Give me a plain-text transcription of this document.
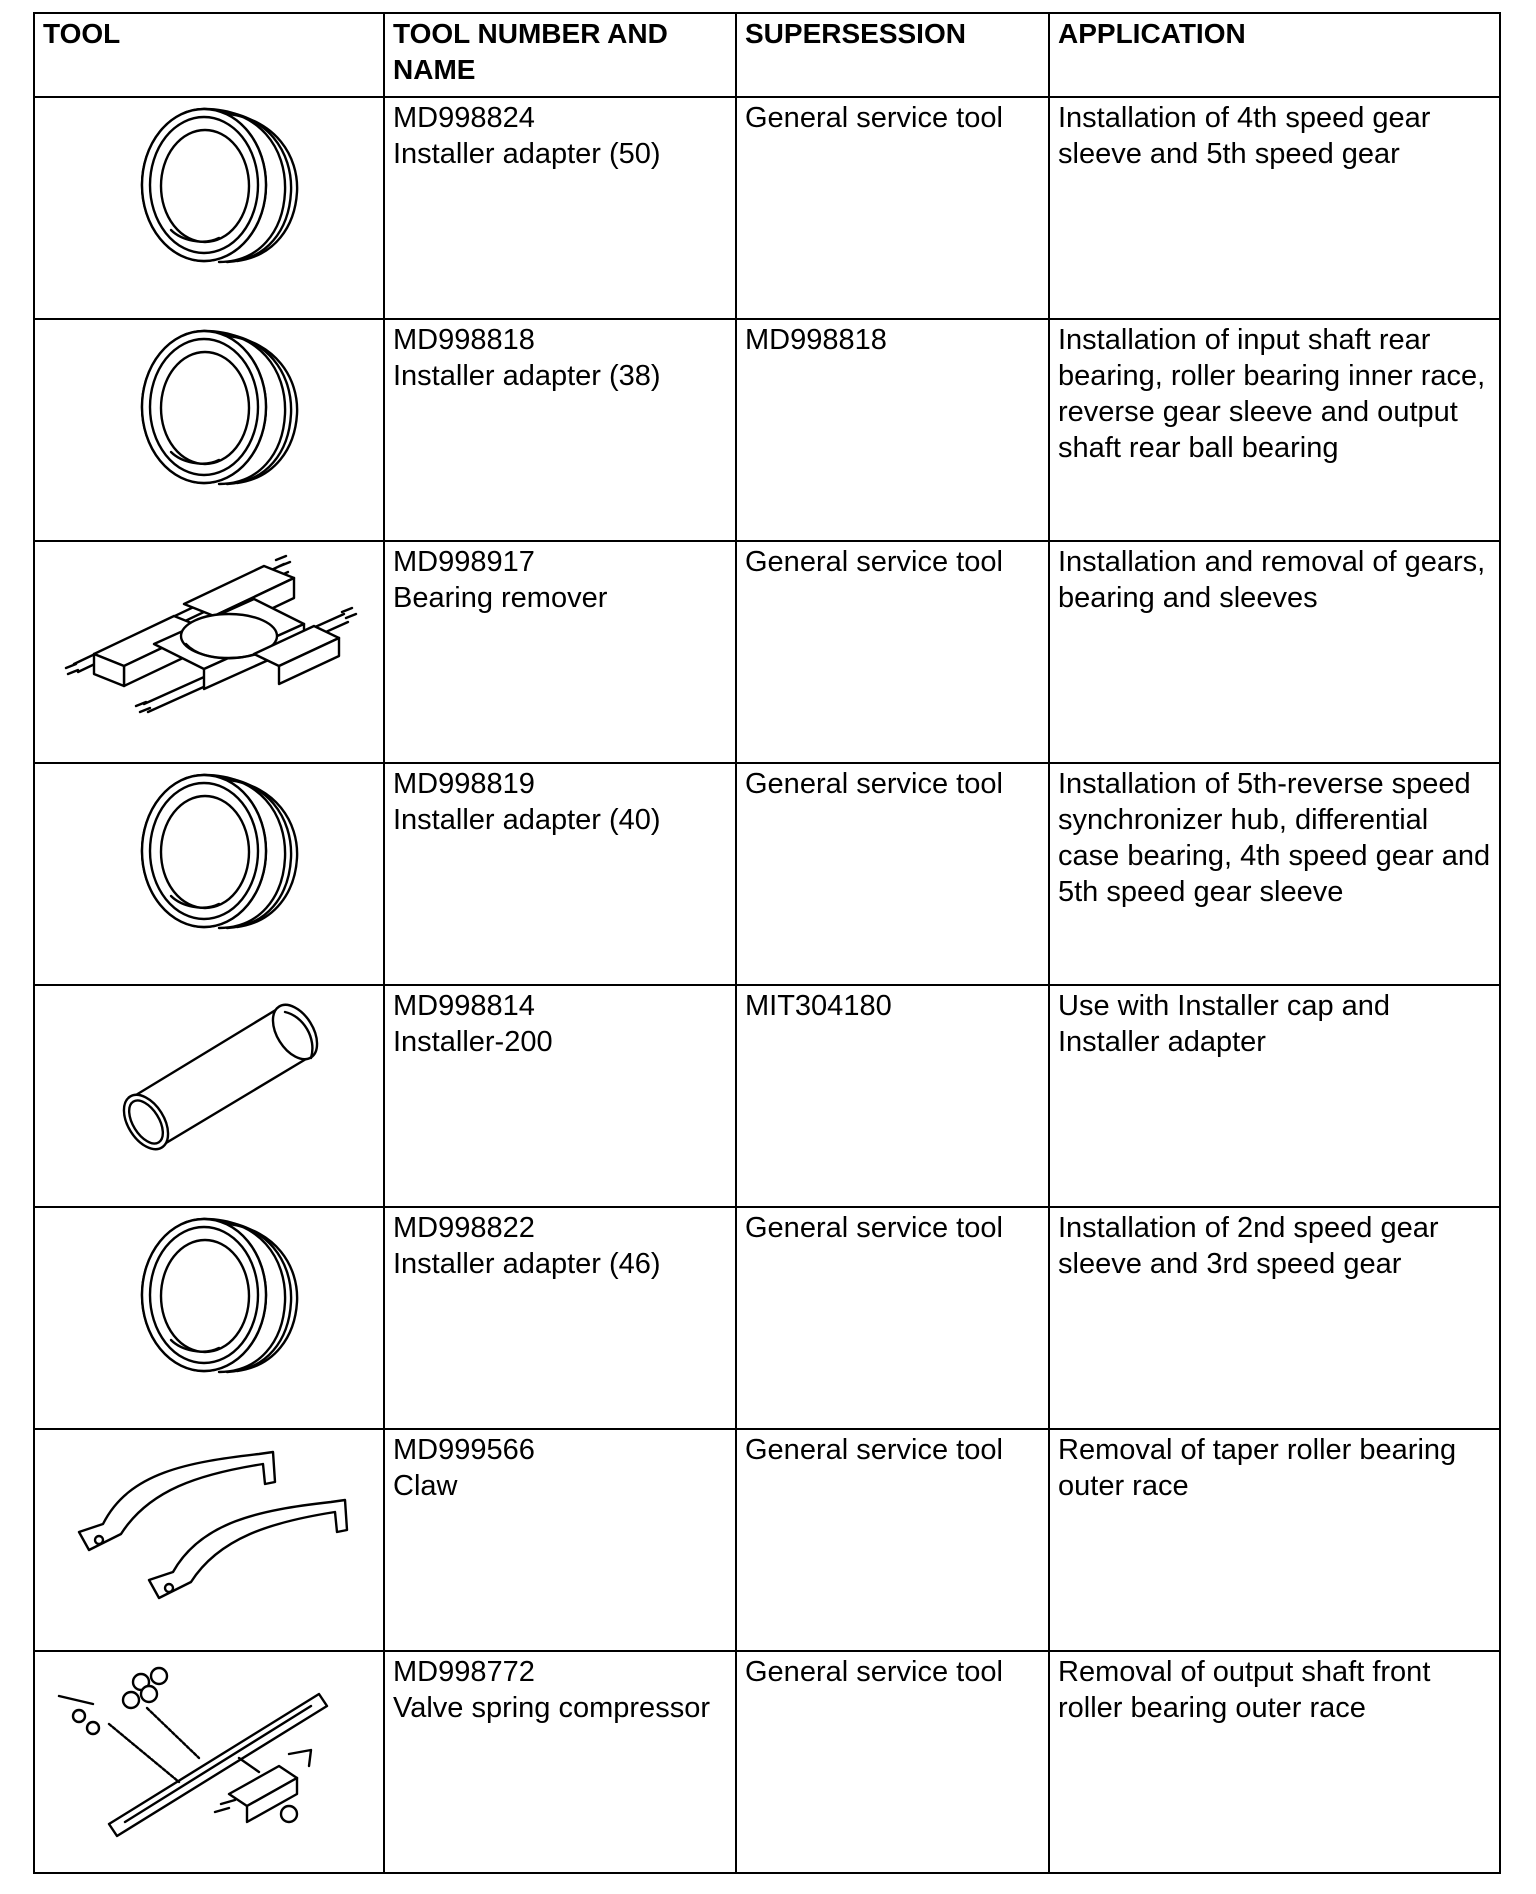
TOOL	TOOL NUMBER AND NAME	SUPERSESSION	APPLICATION

MD998824
Installer adapter (50)	General service tool	Installation of 4th speed gear sleeve and 5th speed gear

MD998818
Installer adapter (38)	MD998818	Installation of input shaft rear bearing, roller bearing inner race, reverse gear sleeve and output shaft rear ball bearing

MD998917
Bearing remover	General service tool	Installation and removal of gears, bearing and sleeves

MD998819
Installer adapter (40)	General service tool	Installation of 5th-reverse speed synchronizer hub, differential case bearing, 4th speed gear and 5th speed gear sleeve

MD998814
Installer-200	MIT304180	Use with Installer cap and Installer adapter

MD998822
Installer adapter (46)	General service tool	Installation of 2nd speed gear sleeve and 3rd speed gear

MD999566
Claw	General service tool	Removal of taper roller bearing outer race

MD998772
Valve spring compressor	General service tool	Removal of output shaft front roller bearing outer race
